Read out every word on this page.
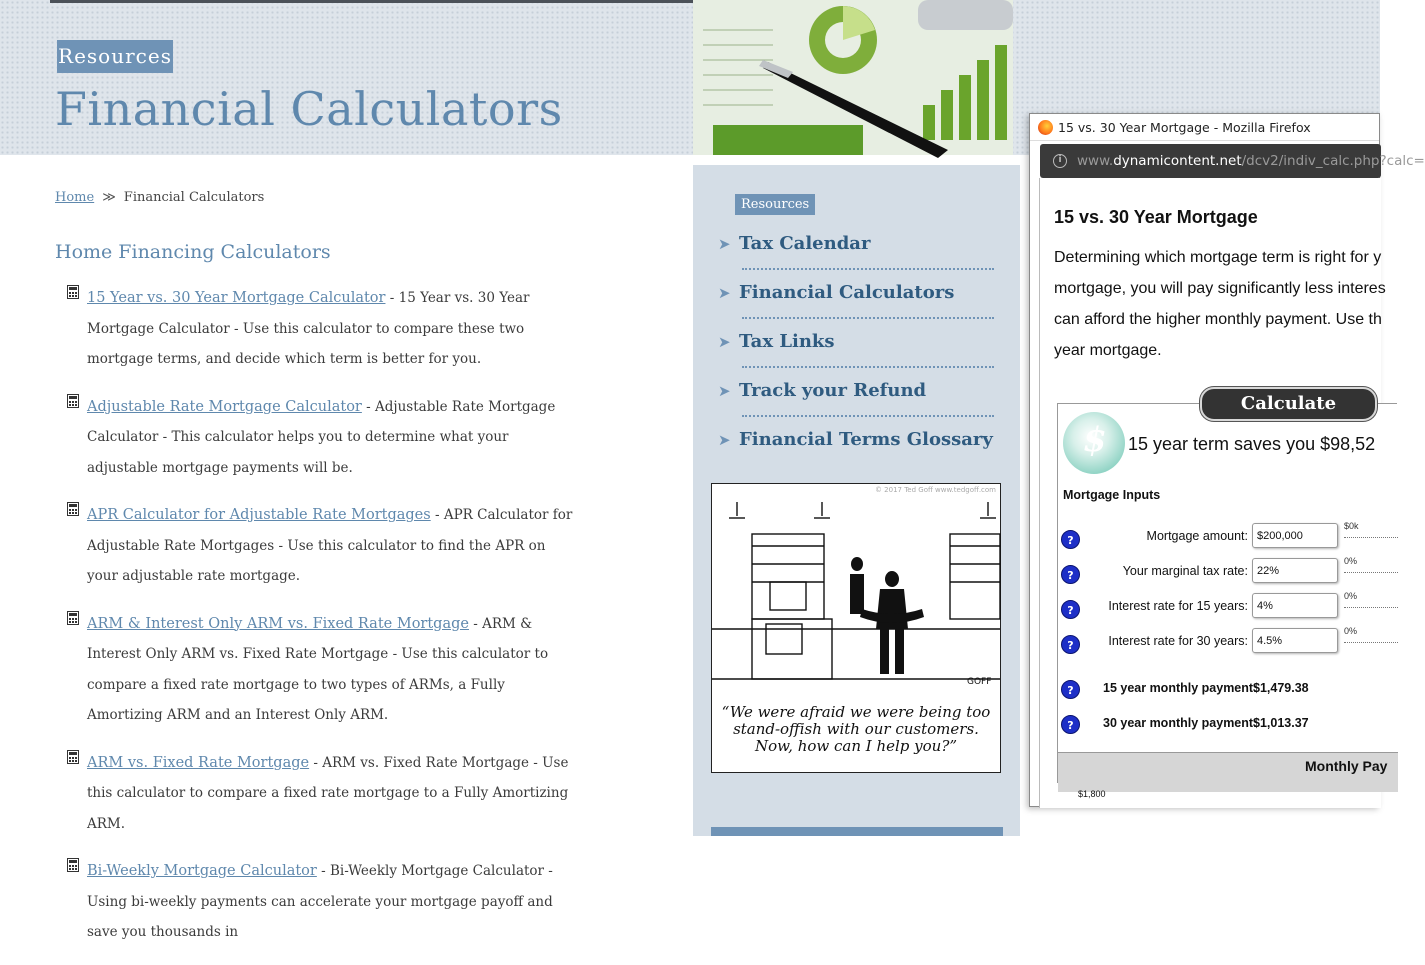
Resources
Financial Calculators
Home ≫ Financial Calculators
Home Financing Calculators
15 Year vs. 30 Year Mortgage Calculator - 15 Year vs. 30 Year Mortgage Calculator - Use this calculator to compare these two mortgage terms, and decide which term is better for you.
Adjustable Rate Mortgage Calculator - Adjustable Rate Mortgage Calculator - This calculator helps you to determine what your adjustable mortgage payments will be.
APR Calculator for Adjustable Rate Mortgages - APR Calculator for Adjustable Rate Mortgages - Use this calculator to find the APR on your adjustable rate mortgage.
ARM & Interest Only ARM vs. Fixed Rate Mortgage - ARM & Interest Only ARM vs. Fixed Rate Mortgage - Use this calculator to compare a fixed rate mortgage to two types of ARMs, a Fully Amortizing ARM and an Interest Only ARM.
ARM vs. Fixed Rate Mortgage - ARM vs. Fixed Rate Mortgage - Use this calculator to compare a fixed rate mortgage to a Fully Amortizing ARM.
Bi-Weekly Mortgage Calculator - Bi-Weekly Mortgage Calculator - Using bi-weekly payments can accelerate your mortgage payoff and save you thousands in
Resources
➤ Tax Calendar
➤ Financial Calculators
➤ Tax Links
➤ Track your Refund
➤ Financial Terms Glossary
© 2017 Ted Goff www.tedgoff.com
GOFF
“We were afraid we were being too
stand-offish with our customers.
Now, how can I help you?”
15 vs. 30 Year Mortgage - Mozilla Firefox
i	www.dynamicontent.net/dcv2/indiv_calc.php?calc=
15 vs. 30 Year Mortgage
Determining which mortgage term is right for y
mortgage, you will pay significantly less interes
can afford the higher monthly payment. Use th
year mortgage.
$ 15 year term saves you $98,52
Mortgage Inputs
?	Mortgage amount:
$200,000
$0k
?	Your marginal tax rate:
22%
0%
?	Interest rate for 15 years:
4%
0%
?	Interest rate for 30 years:
4.5%
0%
?	15 year monthly payment:
$1,479.38
?	30 year monthly payment:
$1,013.37
Monthly Pay
$1,800
Calculate
